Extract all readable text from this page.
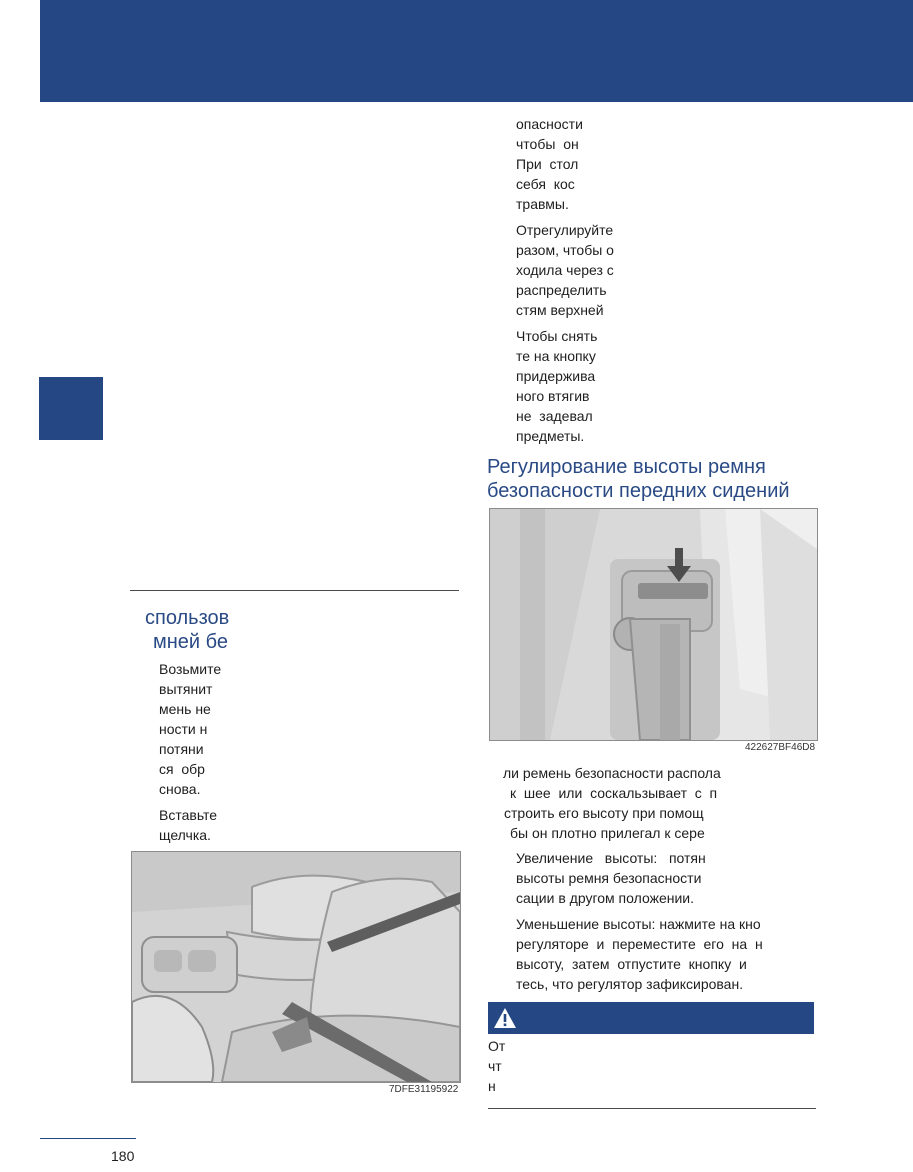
опасности
чтобы  он
При  стол
себя  кос
травмы.
Отрегулируйте
разом, чтобы о
ходила через с
распределить
стям верхней
Чтобы снять
те на кнопку
придержива
ного втягив
не  задевал
предметы.
Регулирование высоты ремня
безопасности передних сидений
422627BF46D8
ли ремень безопасности распола
к  шее  или  соскальзывает  с  п
строить его высоту при помощ
бы он плотно прилегал к сере
Увеличение   высоты:   потян
высоты ремня безопасности
сации в другом положении.
Уменьшение высоты: нажмите на кно
регуляторе  и  переместите  его  на  н
высоту,  затем  отпустите  кнопку  и
тесь, что регулятор зафиксирован.
От
чт
н
спользов
мней бе
Возьмите
вытянит
мень не
ности н
потяни
ся  обр
снова.
Вставьте
щелчка.
7DFE31195922
180
